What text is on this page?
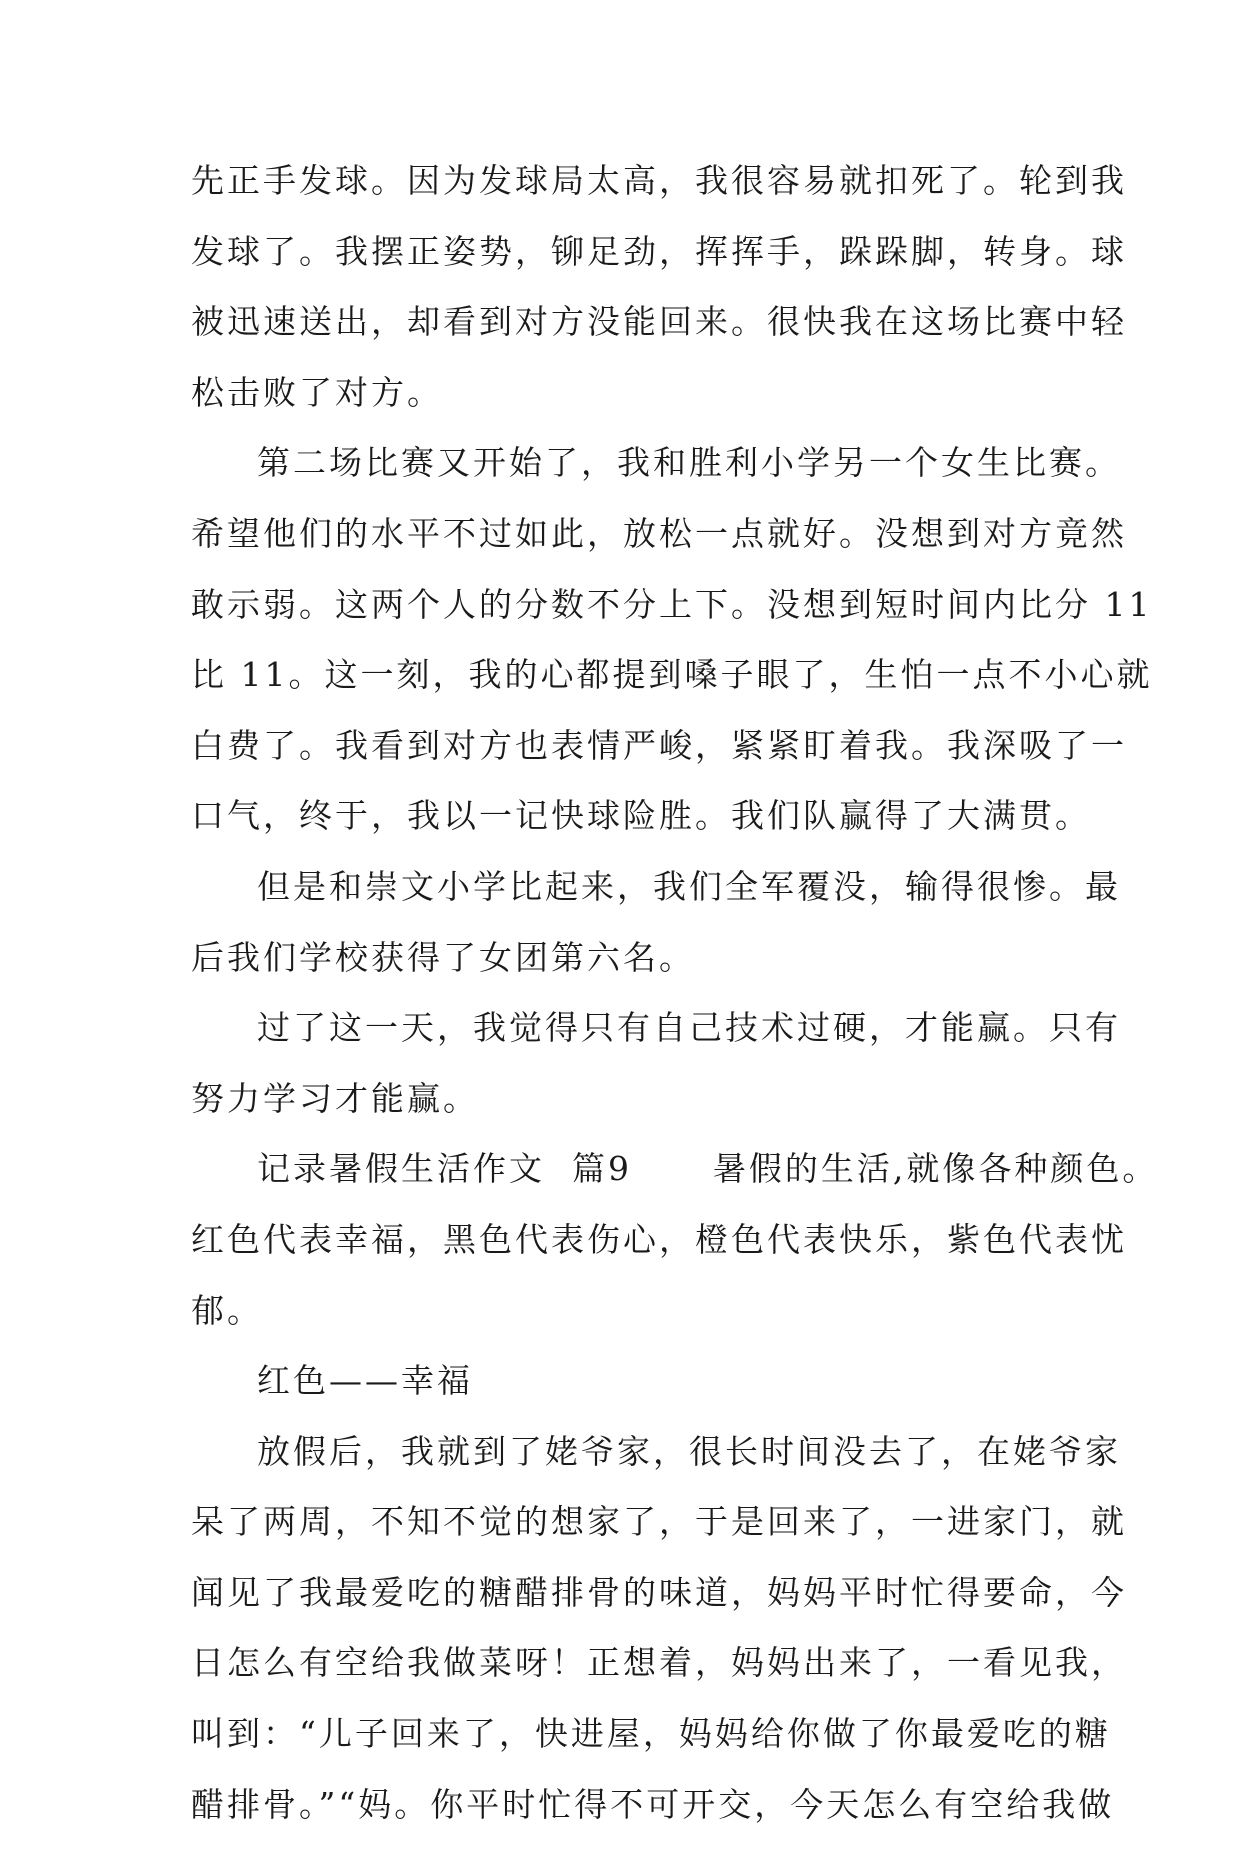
先正手发球。因为发球局太高，我很容易就扣死了。轮到我
发球了。我摆正姿势，铆足劲，挥挥手，跺跺脚，转身。球
被迅速送出，却看到对方没能回来。很快我在这场比赛中轻
松击败了对方。
第二场比赛又开始了，我和胜利小学另一个女生比赛。
希望他们的水平不过如此，放松一点就好。没想到对方竟然
敢示弱。这两个人的分数不分上下。没想到短时间内比分 11
比 11。这一刻，我的心都提到嗓子眼了，生怕一点不小心就
白费了。我看到对方也表情严峻，紧紧盯着我。我深吸了一
口气，终于，我以一记快球险胜。我们队赢得了大满贯。
但是和崇文小学比起来，我们全军覆没，输得很惨。最
后我们学校获得了女团第六名。
过了这一天，我觉得只有自己技术过硬，才能赢。只有
努力学习才能赢。
记录暑假生活作文  篇9      暑假的生活,就像各种颜色。
红色代表幸福，黑色代表伤心，橙色代表快乐，紫色代表忧
郁。
红色——幸福
放假后，我就到了姥爷家，很长时间没去了，在姥爷家
呆了两周，不知不觉的想家了，于是回来了，一进家门，就
闻见了我最爱吃的糖醋排骨的味道，妈妈平时忙得要命，今
日怎么有空给我做菜呀！正想着，妈妈出来了，一看见我，
叫到：“儿子回来了，快进屋，妈妈给你做了你最爱吃的糖
醋排骨。”“妈。你平时忙得不可开交，今天怎么有空给我做
